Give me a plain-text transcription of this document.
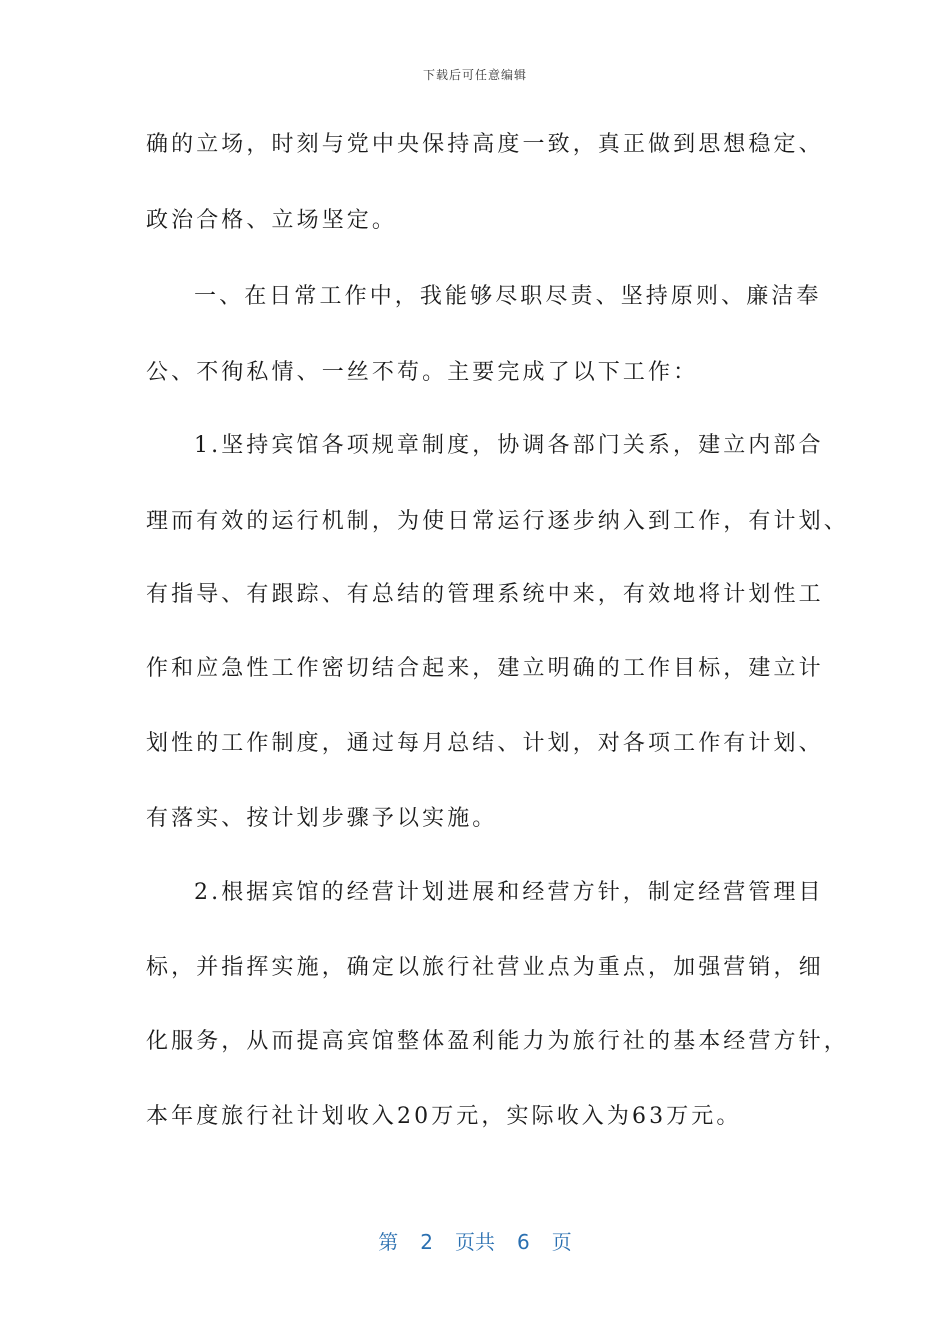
下载后可任意编辑
确的立场，时刻与党中央保持高度一致，真正做到思想稳定、
政治合格、立场坚定。
一、在日常工作中，我能够尽职尽责、坚持原则、廉洁奉
公、不徇私情、一丝不苟。主要完成了以下工作：
1.坚持宾馆各项规章制度，协调各部门关系，建立内部合
理而有效的运行机制，为使日常运行逐步纳入到工作，有计划、
有指导、有跟踪、有总结的管理系统中来，有效地将计划性工
作和应急性工作密切结合起来，建立明确的工作目标，建立计
划性的工作制度，通过每月总结、计划，对各项工作有计划、
有落实、按计划步骤予以实施。
2.根据宾馆的经营计划进展和经营方针，制定经营管理目
标，并指挥实施，确定以旅行社营业点为重点，加强营销，细
化服务，从而提高宾馆整体盈利能力为旅行社的基本经营方针，
本年度旅行社计划收入20万元，实际收入为63万元。
第 2 页共 6 页
